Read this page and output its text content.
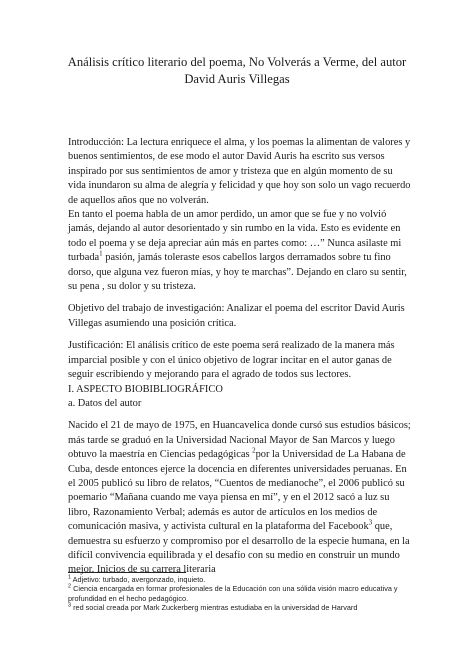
Análisis crítico literario del poema, No Volverás a Verme, del autor David Auris Villegas

Introducción: La lectura enriquece el alma, y los poemas la alimentan de valores y buenos sentimientos, de ese modo el autor David Auris ha escrito sus versos inspirado por sus sentimientos de amor y tristeza que en algún momento de su vida inundaron su alma de alegría y felicidad y que hoy son solo un vago recuerdo de aquellos años que no volverán.

En tanto el poema habla de un amor perdido, un amor que se fue y no volvió jamás, dejando al autor desorientado y sin rumbo en la vida. Esto es evidente en todo el poema y se deja apreciar aún más en partes como: …” Nunca asilaste mi turbada$^1$ pasión, jamás toleraste esos cabellos largos derramados sobre tu fino dorso, que alguna vez fueron mías, y hoy te marchas”. Dejando en claro su sentir, su pena , su dolor y su tristeza.

Objetivo del trabajo de investigación: Analizar el poema del escritor David Auris Villegas asumiendo una posición crítica.

Justificación: El análisis crítico de este poema será realizado de la manera más imparcial posible y con el único objetivo de lograr incitar en el autor ganas de seguir escribiendo y mejorando para el agrado de todos sus lectores.

I. ASPECTO BIOBIBLIOGRÁFICO

a. Datos del autor

Nacido el 21 de mayo de 1975, en Huancavelica donde cursó sus estudios básicos; más tarde se graduó en la Universidad Nacional Mayor de San Marcos y luego obtuvo la maestría en Ciencias pedagógicas $^2$por la Universidad de La Habana de Cuba, desde entonces ejerce la docencia en diferentes universidades peruanas. En el 2005 publicó su libro de relatos, “Cuentos de medianoche”, el 2006 publicó su poemario “Mañana cuando me vaya piensa en mí”, y en el 2012 sacó a luz su libro, Razonamiento Verbal; además es autor de artículos en los medios de comunicación masiva, y activista cultural en la plataforma del Facebook$^3$ que, demuestra su esfuerzo y compromiso por el desarrollo de la especie humana, en la difícil convivencia equilibrada y el desafío con su medio en construir un mundo mejor. Inicios de su carrera literaria

$^1$ Adjetivo: turbado, avergonzado, inquieto.
$^2$ Ciencia encargada en formar profesionales de la Educación con una sólida visión macro educativa y profundidad en el hecho pedagógico.
$^3$ red social creada por Mark Zuckerberg mientras estudiaba en la universidad de Harvard
